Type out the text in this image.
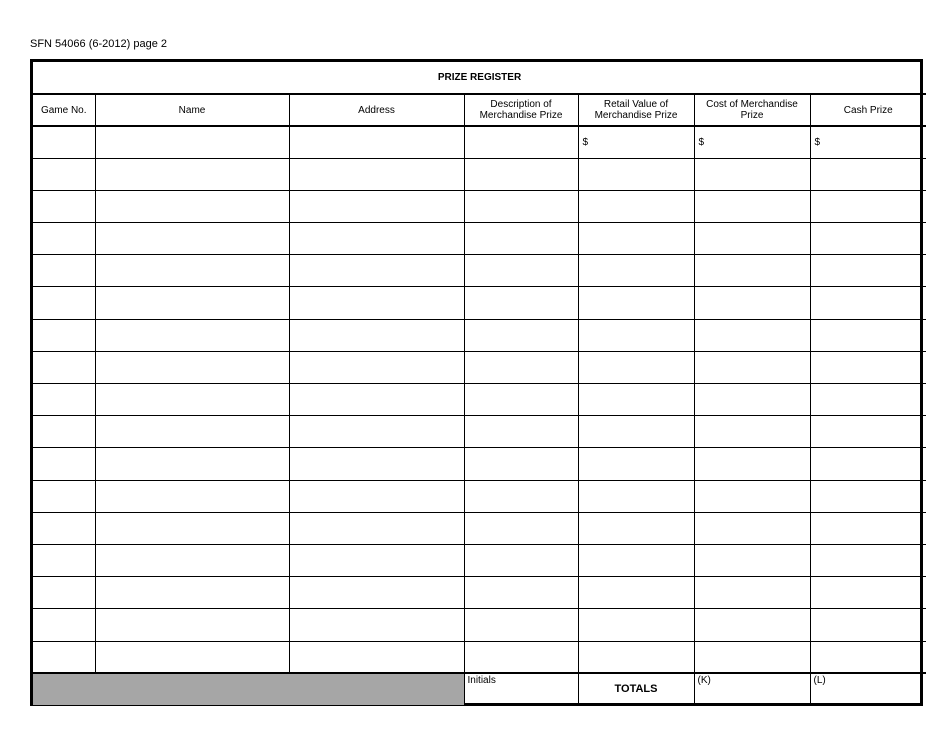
SFN 54066 (6-2012) page 2
PRIZE REGISTER						
Game No.	Name	Address	Description of Merchandise Prize	Retail Value of Merchandise Prize	Cost of Merchandise Prize	Cash Prize
				$	$	$

			Initials	TOTALS	(K)	(L)
